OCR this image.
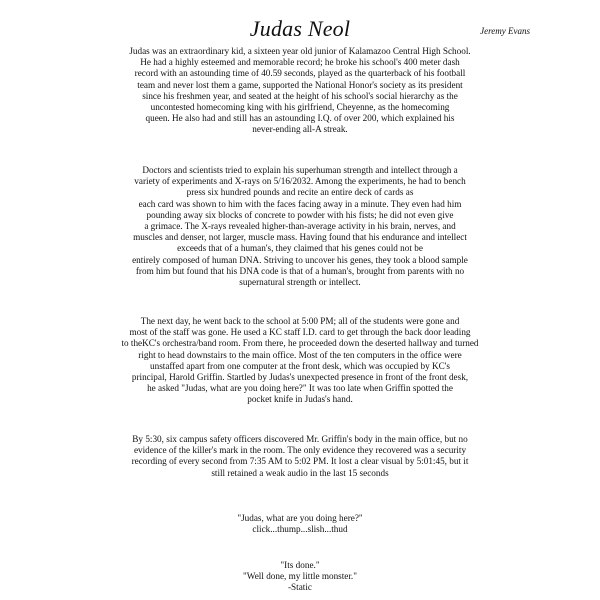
Judas Neol	Jeremy Evans
Judas was an extraordinary kid, a sixteen year old junior of Kalamazoo Central High School.
He had a highly esteemed and memorable record; he broke his school's 400 meter dash
record with an astounding time of 40.59 seconds, played as the quarterback of his football
team and never lost them a game, supported the National Honor's society as its president
since his freshmen year, and seated at the height of his school's social hierarchy as the
uncontested homecoming king with his girlfriend, Cheyenne, as the homecoming
queen. He also had and still has an astounding I.Q. of over 200, which explained his
never-ending all-A streak.
Doctors and scientists tried to explain his superhuman strength and intellect through a
variety of experiments and X-rays on 5/16/2032. Among the experiments, he had to bench
press six hundred pounds and recite an entire deck of cards as
each card was shown to him with the faces facing away in a minute. They even had him
pounding away six blocks of concrete to powder with his fists; he did not even give
a grimace. The X-rays revealed higher-than-average activity in his brain, nerves, and
muscles and denser, not larger, muscle mass. Having found that his endurance and intellect
exceeds that of a human's, they claimed that his genes could not be
entirely composed of human DNA. Striving to uncover his genes, they took a blood sample
from him but found that his DNA code is that of a human's, brought from parents with no
supernatural strength or intellect.
The next day, he went back to the school at 5:00 PM; all of the students were gone and
most of the staff was gone. He used a KC staff I.D. card to get through the back door leading
to theKC's orchestra/band room. From there, he proceeded down the deserted hallway and turned
right to head downstairs to the main office. Most of the ten computers in the office were
unstaffed apart from one computer at the front desk, which was occupied by KC's
principal, Harold Griffin. Startled by Judas's unexpected presence in front of the front desk,
he asked "Judas, what are you doing here?" It was too late when Griffin spotted the
pocket knife in Judas's hand.
By 5:30, six campus safety officers discovered Mr. Griffin's body in the main office, but no
evidence of the killer's mark in the room. The only evidence they recovered was a security
recording of every second from 7:35 AM to 5:02 PM. It lost a clear visual by 5:01:45, but it
still retained a weak audio in the last 15 seconds
"Judas, what are you doing here?"
click...thump...slish...thud
"Its done."
"Well done, my little monster."
-Static
